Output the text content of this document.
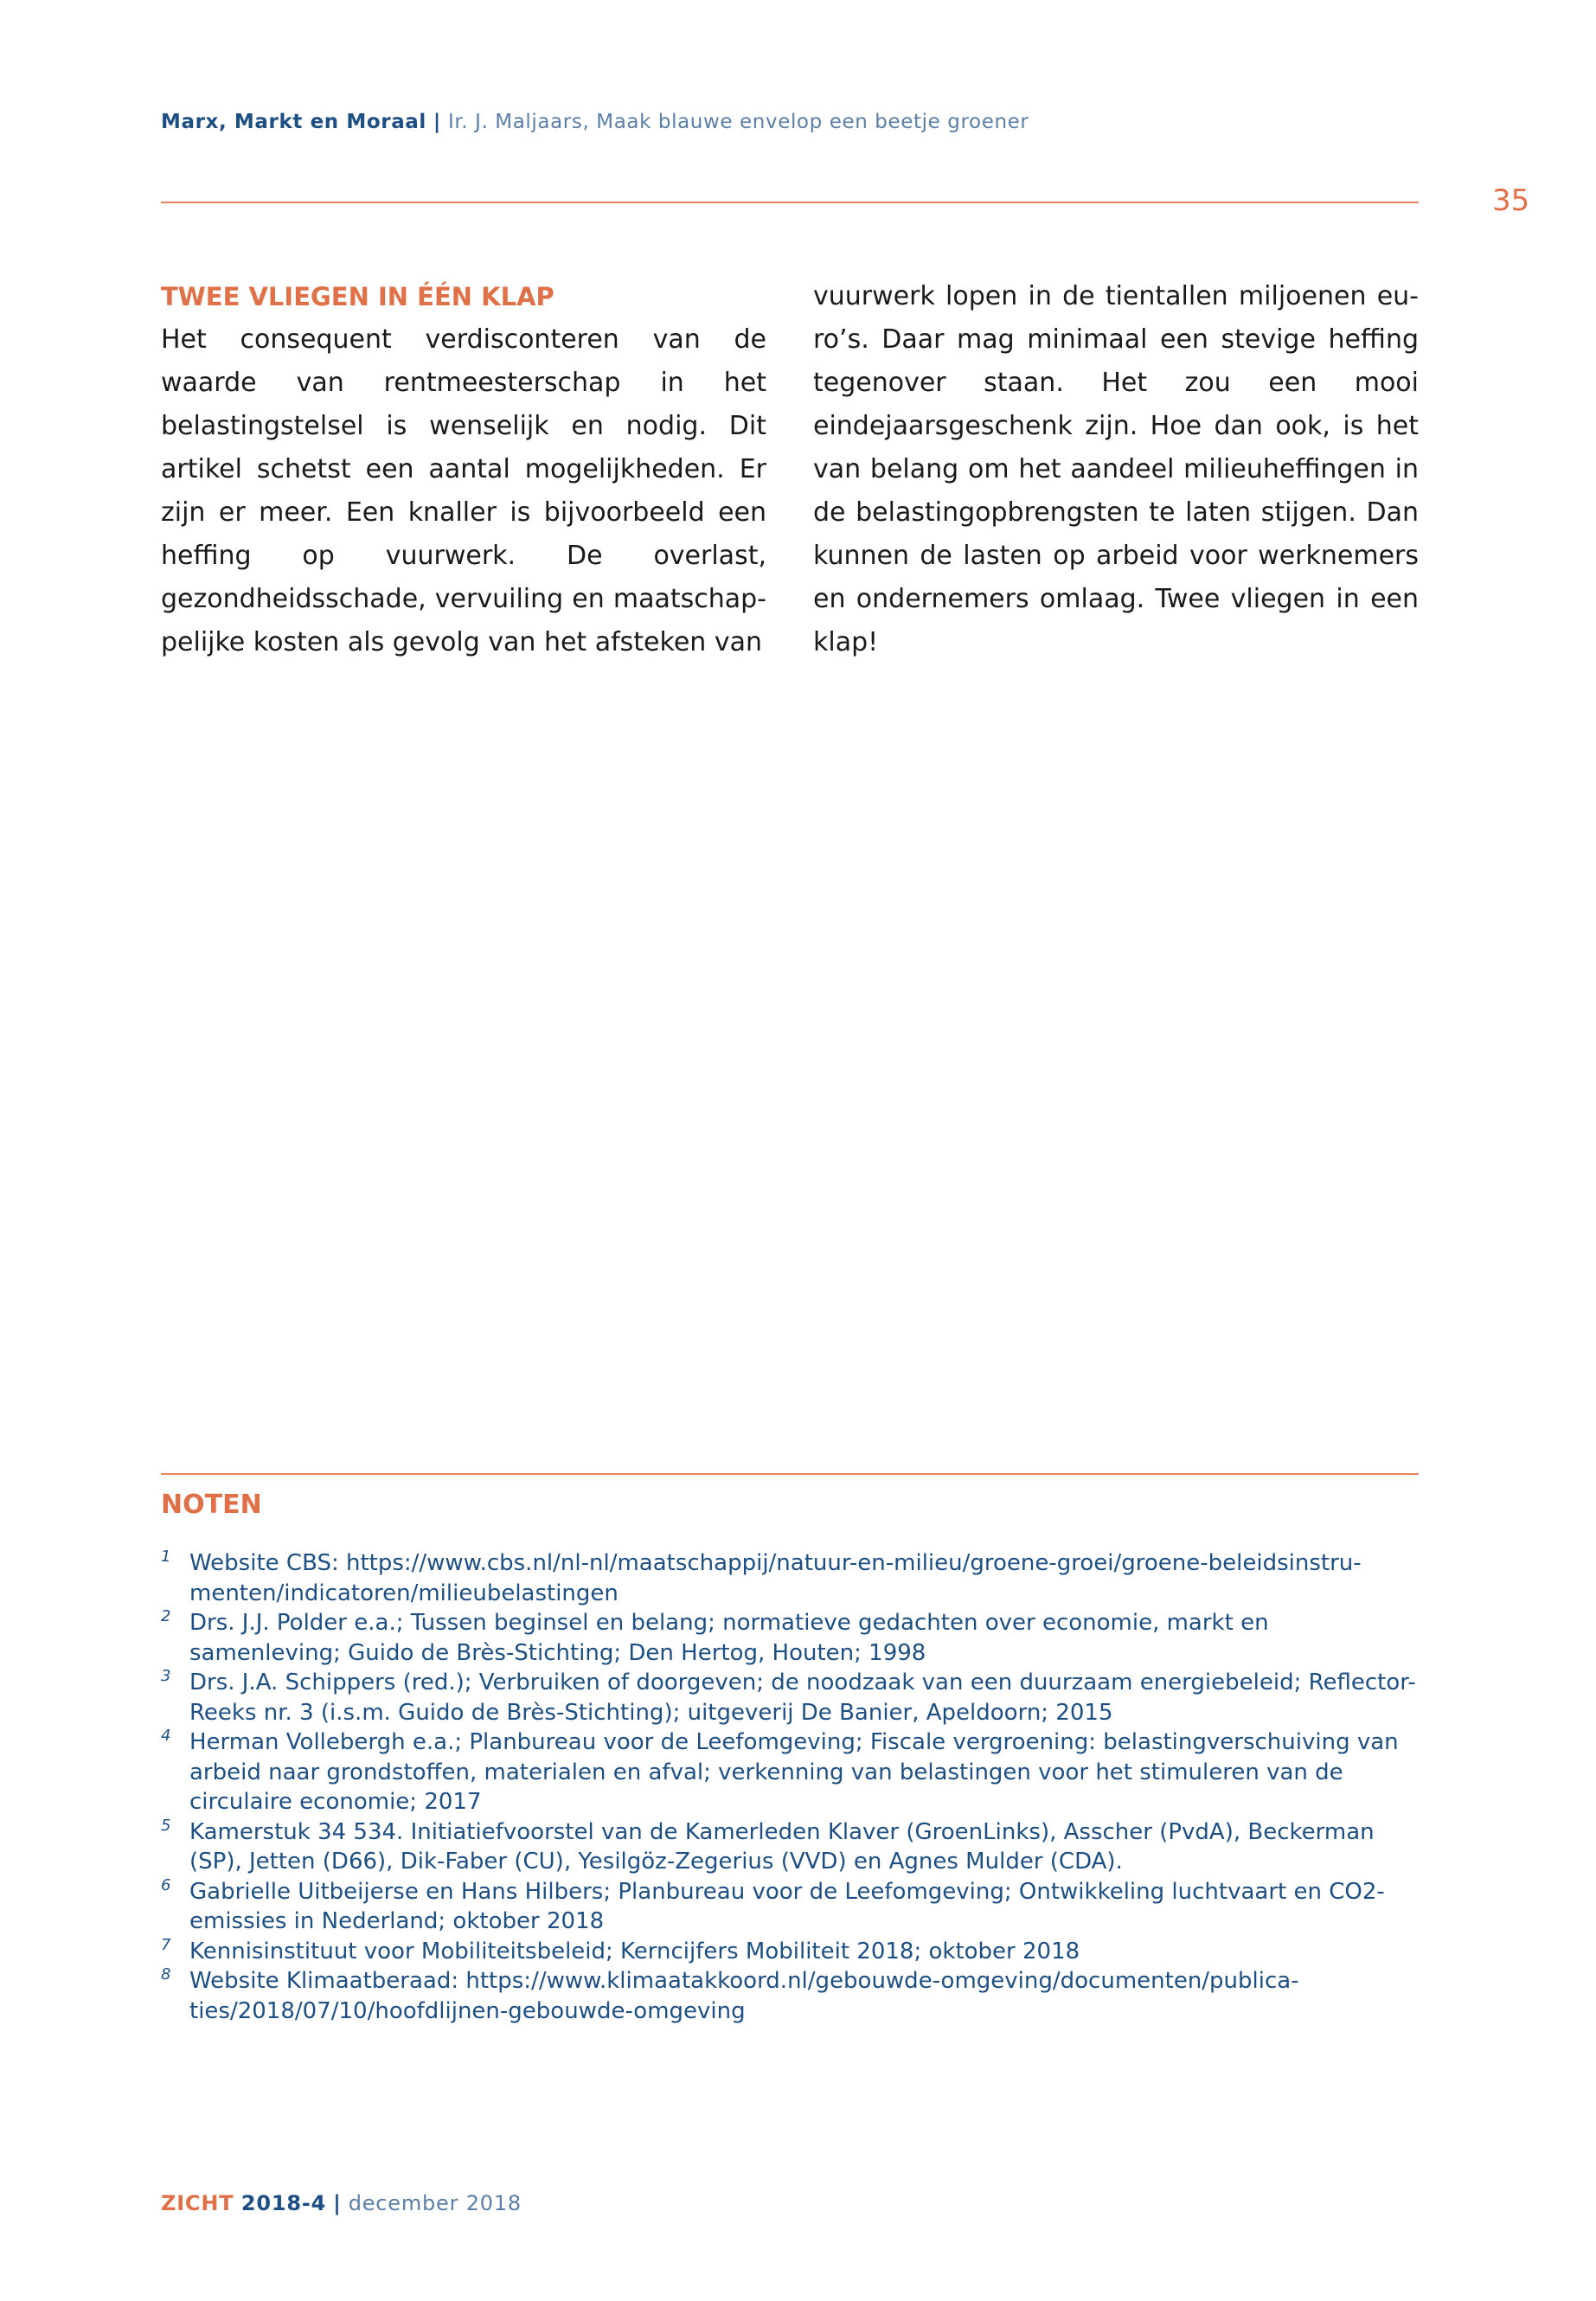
Marx, Markt en Moraal | Ir. J. Maljaars, Maak blauwe envelop een beetje groener
35
TWEE VLIEGEN IN ÉÉN KLAP

Het consequent verdisconteren van de waarde van rentmeesterschap in het belastingstelsel is wenselijk en nodig. Dit artikel schetst een aantal mogelijkheden. Er zijn er meer. Een knaller is bijvoorbeeld een heffing op vuurwerk. De overlast, gezondheidsschade, vervuiling en maatschappelijke kosten als gevolg van het afsteken van

vuurwerk lopen in de tientallen miljoenen euro’s. Daar mag minimaal een stevige heffing tegenover staan. Het zou een mooi eindejaarsgeschenk zijn. Hoe dan ook, is het van belang om het aandeel milieuheffingen in de belastingopbrengsten te laten stijgen. Dan kunnen de lasten op arbeid voor werknemers en ondernemers omlaag. Twee vliegen in een klap!

NOTEN
1 Website CBS: https://www.cbs.nl/nl-nl/maatschappij/natuur-en-milieu/groene-groei/groene-beleidsinstrumenten/indicatoren/milieubelastingen
2 Drs. J.J. Polder e.a.; Tussen beginsel en belang; normatieve gedachten over economie, markt en samenleving; Guido de Brès-Stichting; Den Hertog, Houten; 1998
3 Drs. J.A. Schippers (red.); Verbruiken of doorgeven; de noodzaak van een duurzaam energiebeleid; Reflector-Reeks nr. 3 (i.s.m. Guido de Brès-Stichting); uitgeverij De Banier, Apeldoorn; 2015
4 Herman Vollebergh e.a.; Planbureau voor de Leefomgeving; Fiscale vergroening: belastingverschuiving van arbeid naar grondstoffen, materialen en afval; verkenning van belastingen voor het stimuleren van de circulaire economie; 2017
5 Kamerstuk 34 534. Initiatiefvoorstel van de Kamerleden Klaver (GroenLinks), Asscher (PvdA), Beckerman (SP), Jetten (D66), Dik-Faber (CU), Yesilgöz-Zegerius (VVD) en Agnes Mulder (CDA).
6 Gabrielle Uitbeijerse en Hans Hilbers; Planbureau voor de Leefomgeving; Ontwikkeling luchtvaart en CO2-emissies in Nederland; oktober 2018
7 Kennisinstituut voor Mobiliteitsbeleid; Kerncijfers Mobiliteit 2018; oktober 2018
8 Website Klimaatberaad: https://www.klimaatakkoord.nl/gebouwde-omgeving/documenten/publicaties/2018/07/10/hoofdlijnen-gebouwde-omgeving
ZICHT 2018-4 | december 2018
